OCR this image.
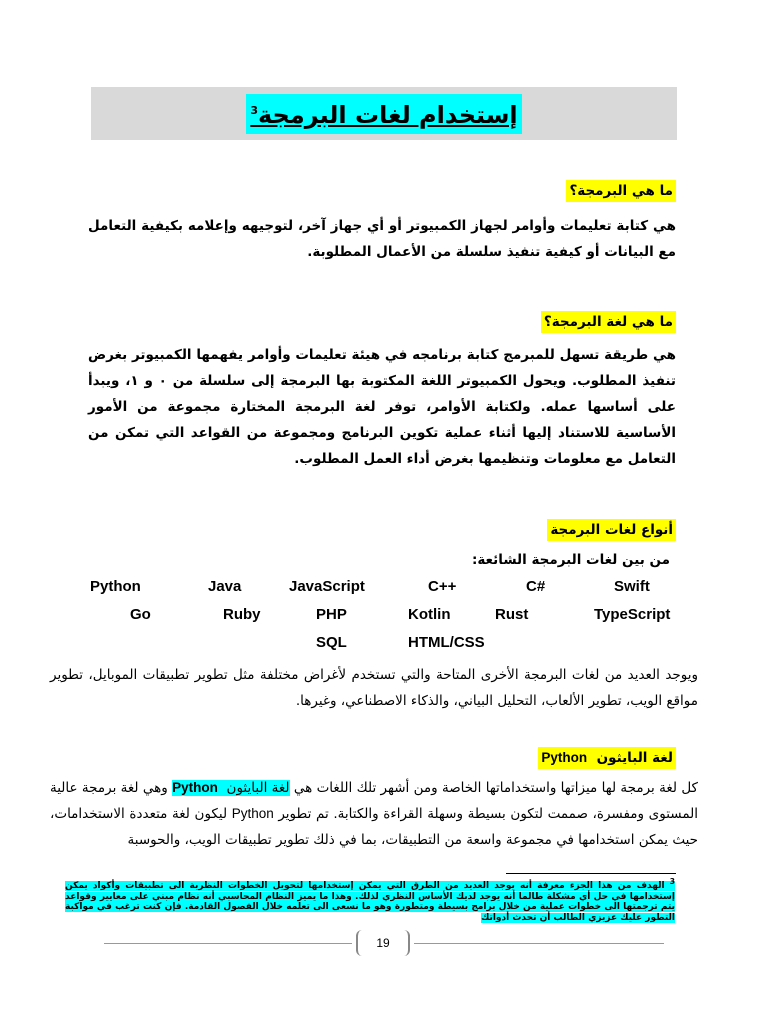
إستخدام لغات البرمجة$^3$
ما هي البرمجة؟
هي كتابة تعليمات وأوامر لجهاز الكمبيوتر أو أي جهاز آخر، لتوجيهه وإعلامه بكيفية التعامل مع البيانات أو كيفية تنفيذ سلسلة من الأعمال المطلوبة.
ما هي لغة البرمجة؟
هي طريقة تسهل للمبرمج كتابة برنامجه في هيئة تعليمات وأوامر يفهمها الكمبيوتر بغرض تنفيذ المطلوب. ويحول الكمبيوتر اللغة المكتوبة بها البرمجة إلى سلسلة من ٠ و ١، ويبدأ على أساسها عمله. ولكتابة الأوامر، توفر لغة البرمجة المختارة مجموعة من الأمور الأساسية للاستناد إليها أثناء عملية تكوين البرنامج ومجموعة من القواعد التي تمكن من التعامل مع معلومات وتنظيمها بغرض أداء العمل المطلوب.
أنواع لغات البرمجة
من بين لغات البرمجة الشائعة:
Python	Java	JavaScript	C++	C#	Swift
Go	Ruby	PHP	Kotlin	Rust	TypeScript
SQL	HTML/CSS
ويوجد العديد من لغات البرمجة الأخرى المتاحة والتي تستخدم لأغراض مختلفة مثل تطوير تطبيقات الموبايل، تطوير مواقع الويب، تطوير الألعاب، التحليل البياني، والذكاء الاصطناعي، وغيرها.
لغة البايثون  Python
كل لغة برمجة لها ميزاتها واستخداماتها الخاصة ومن أشهر تلك اللغات هي لغة البايثون  Python وهي لغة برمجة عالية المستوى ومفسرة، صممت لتكون بسيطة وسهلة القراءة والكتابة. تم تطوير Python ليكون لغة متعددة الاستخدامات، حيث يمكن استخدامها في مجموعة واسعة من التطبيقات، بما في ذلك تطوير تطبيقات الويب، والحوسبة
$^3$ الهدف من هذا الجزء معرفة أنه يوجد العديد من الطرق التي يمكن إستخدامها لتحويل الخطوات النظرية الى تطبيقات وأكواد يمكن إستخدامها في حل أي مشكلة طالما أنه يوجد لديك الأساس النظري لذلك. وهذا ما يميز النظام المحاسبي أنه نظام مبني على معايير وقواعد يتم ترجمتها الى خطوات عملية من خلال برامج بسيطة ومتطورة وهو ما نسعى الى تعلمه خلال الفصول القادمة. فإن كنت ترغب في مواكبة التطور عليك عزيزي الطالب أن تحدث أدواتك
19
